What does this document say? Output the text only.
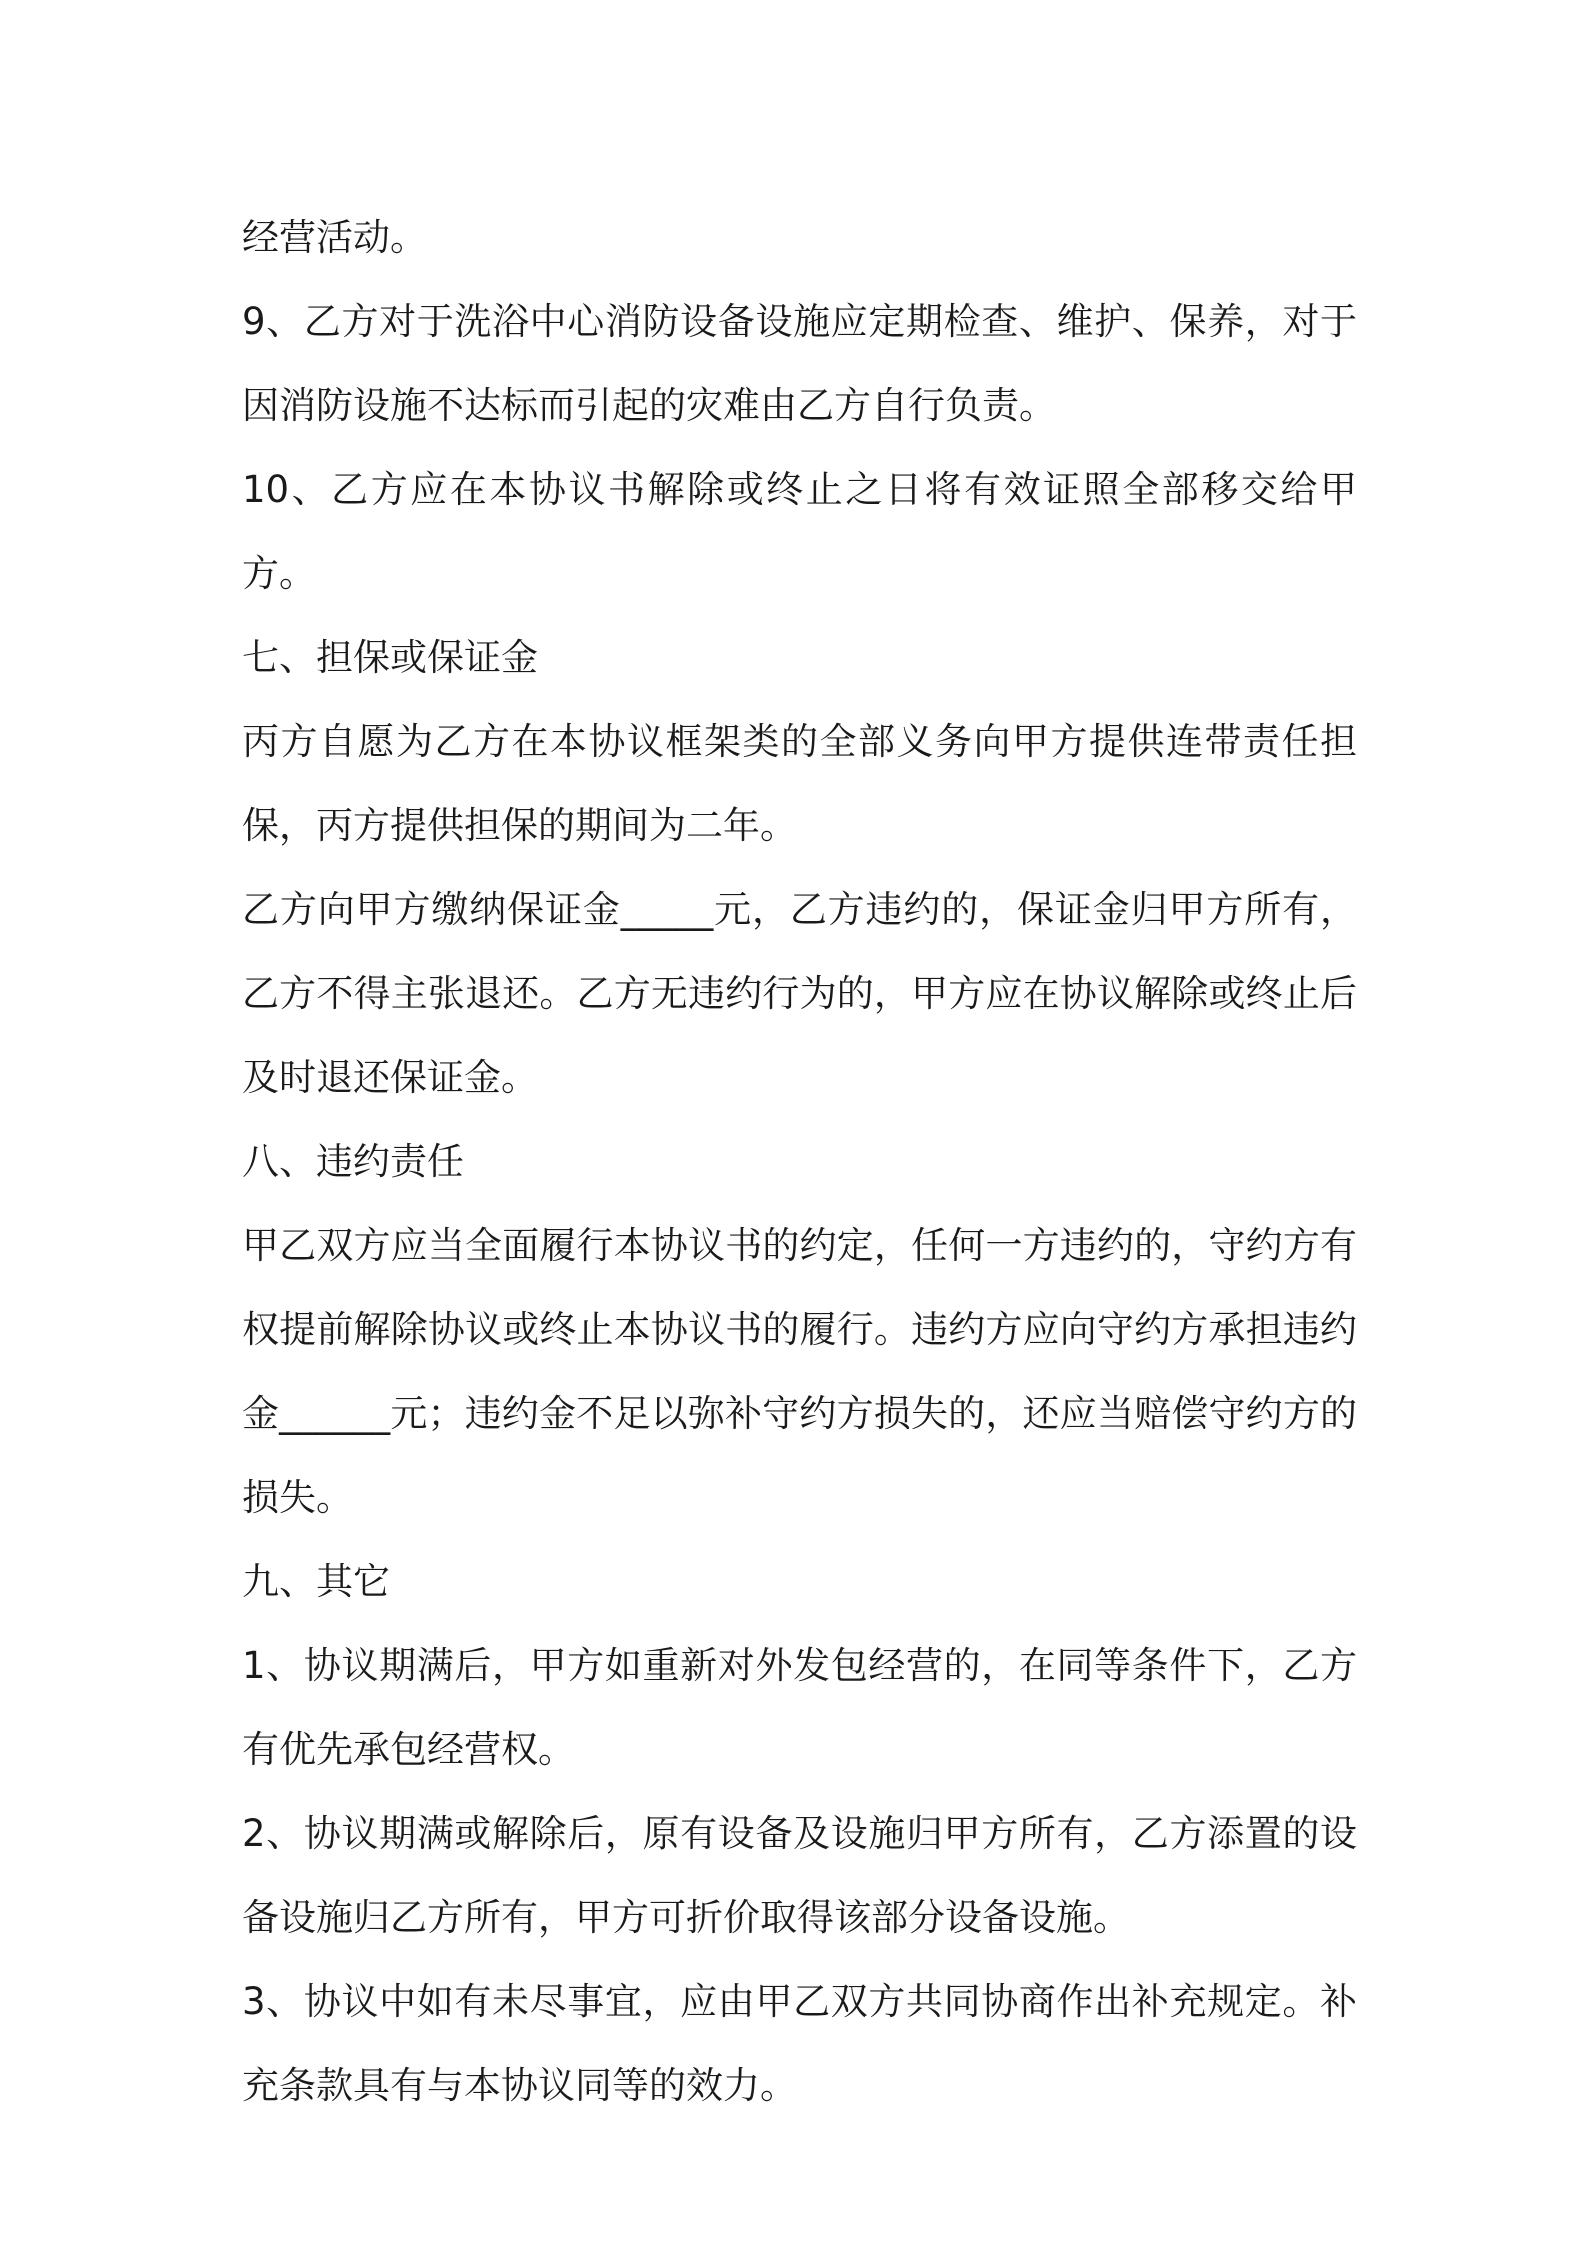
经营活动。

9、乙方对于洗浴中心消防设备设施应定期检查、维护、保养，对于因消防设施不达标而引起的灾难由乙方自行负责。

10、乙方应在本协议书解除或终止之日将有效证照全部移交给甲方。

七、担保或保证金

丙方自愿为乙方在本协议框架类的全部义务向甲方提供连带责任担保，丙方提供担保的期间为二年。

乙方向甲方缴纳保证金_____元，乙方违约的，保证金归甲方所有，乙方不得主张退还。乙方无违约行为的，甲方应在协议解除或终止后及时退还保证金。

八、违约责任

甲乙双方应当全面履行本协议书的约定，任何一方违约的，守约方有权提前解除协议或终止本协议书的履行。违约方应向守约方承担违约金______元；违约金不足以弥补守约方损失的，还应当赔偿守约方的损失。

九、其它

1、协议期满后，甲方如重新对外发包经营的，在同等条件下，乙方有优先承包经营权。

2、协议期满或解除后，原有设备及设施归甲方所有，乙方添置的设备设施归乙方所有，甲方可折价取得该部分设备设施。

3、协议中如有未尽事宜，应由甲乙双方共同协商作出补充规定。补充条款具有与本协议同等的效力。
